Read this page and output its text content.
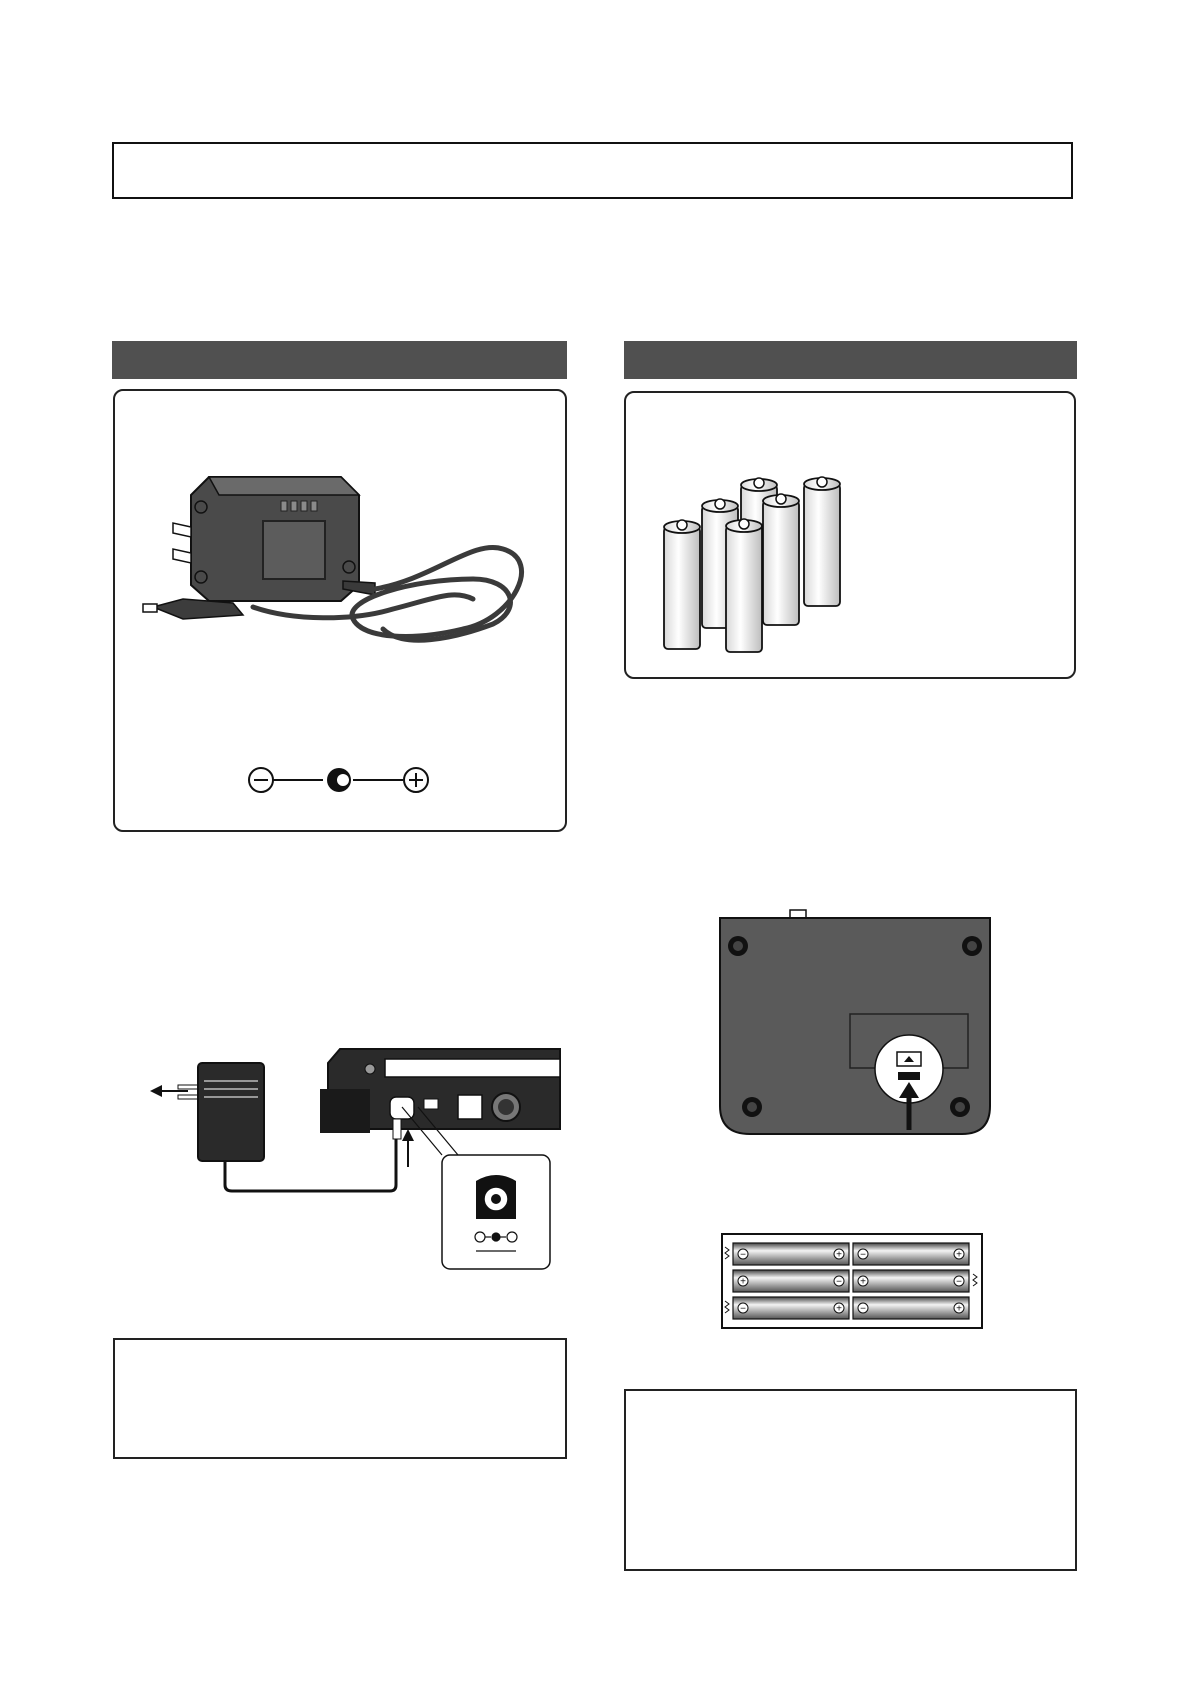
−	+ −	+
+	− +	−
−	+ −	+
